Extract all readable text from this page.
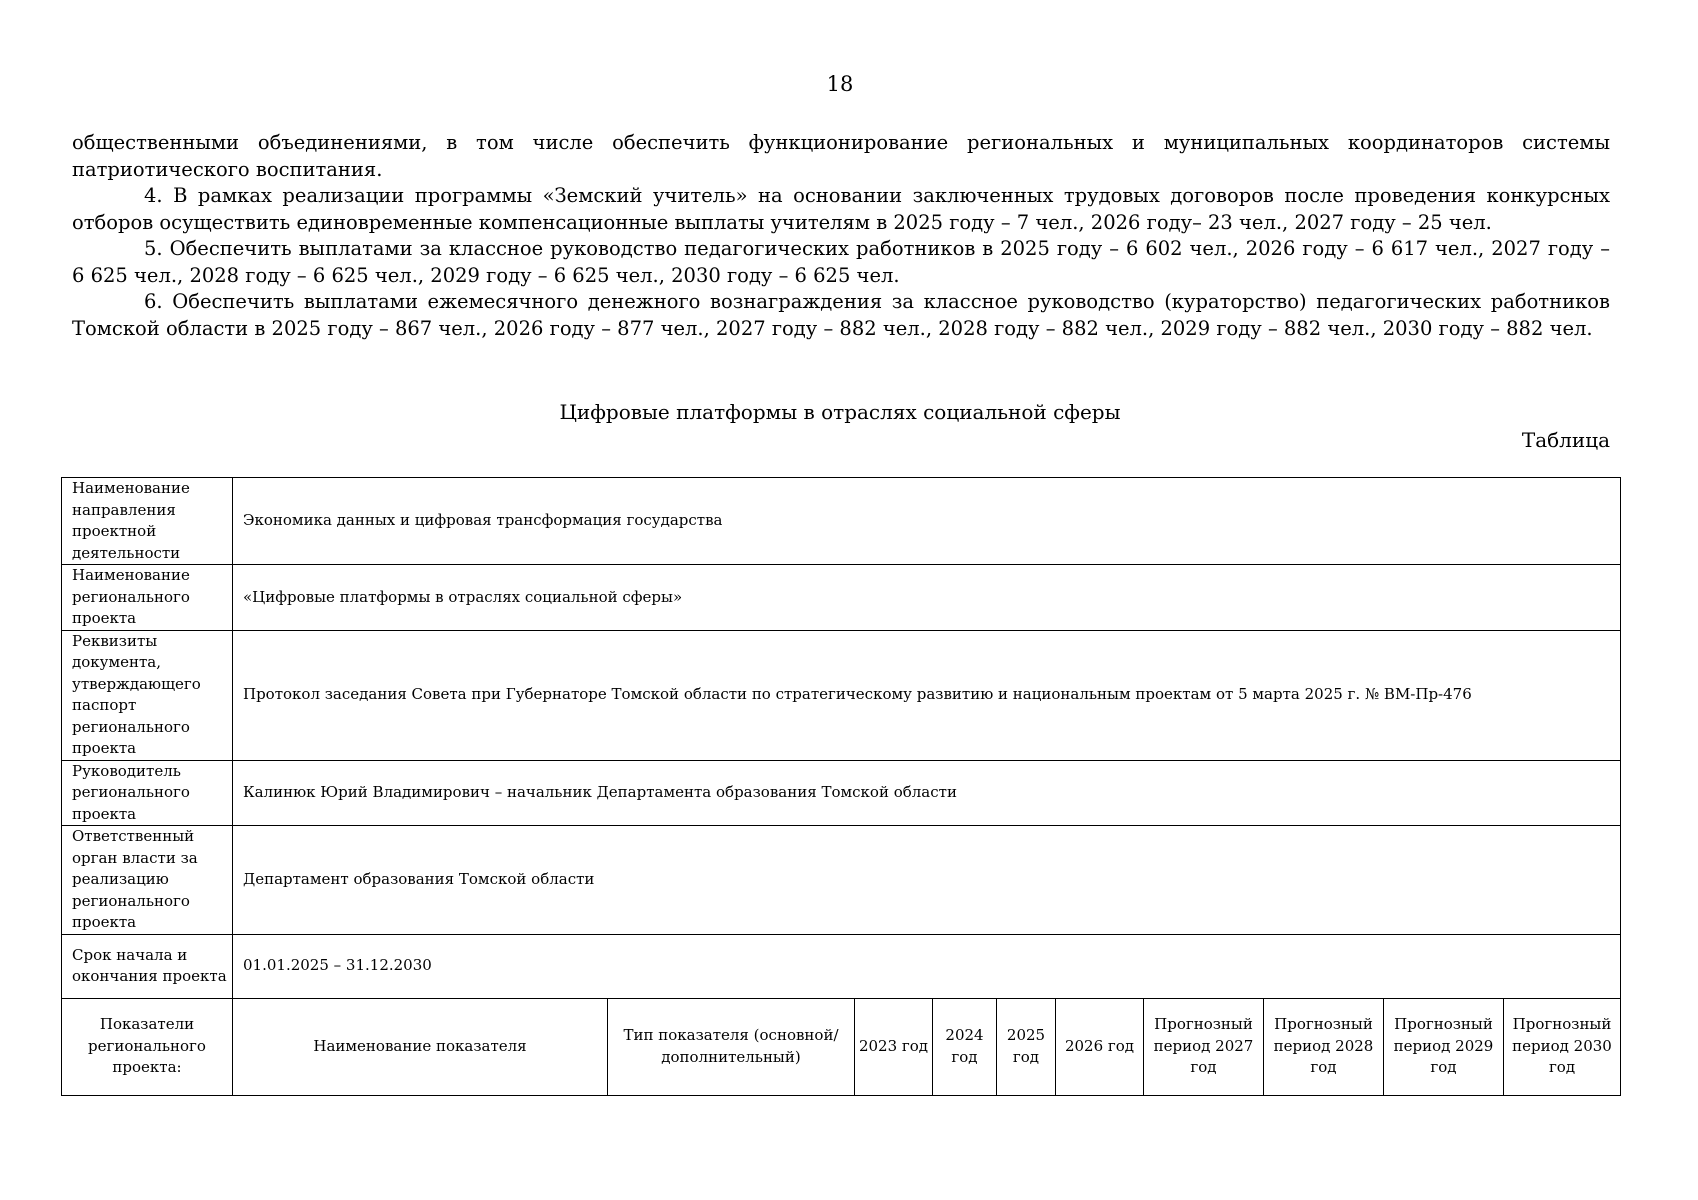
18

общественными объединениями, в том числе обеспечить функционирование региональных и муниципальных координаторов системы патриотического воспитания.

4. В рамках реализации программы «Земский учитель» на основании заключенных трудовых договоров после проведения конкурсных отборов осуществить единовременные компенсационные выплаты учителям в 2025 году – 7 чел., 2026 году– 23 чел., 2027 году – 25 чел.

5. Обеспечить выплатами за классное руководство педагогических работников в 2025 году – 6 602 чел., 2026 году – 6 617 чел., 2027 году – 6 625 чел., 2028 году – 6 625 чел., 2029 году – 6 625 чел., 2030 году – 6 625 чел.

6. Обеспечить выплатами ежемесячного денежного вознаграждения за классное руководство (кураторство) педагогических работников Томской области в 2025 году – 867 чел., 2026 году – 877 чел., 2027 году – 882 чел., 2028 году – 882 чел., 2029 году – 882 чел., 2030 году – 882 чел.

Цифровые платформы в отраслях социальной сферы
Таблица
Наименование направления проектной деятельности	Экономика данных и цифровая трансформация государства									
Наименование регионального проекта	«Цифровые платформы в отраслях социальной сферы»									
Реквизиты документа, утверждающего паспорт регионального проекта	Протокол заседания Совета при Губернаторе Томской области по стратегическому развитию и национальным проектам от 5 марта 2025 г. № ВМ-Пр-476									
Руководитель регионального проекта	Калинюк Юрий Владимирович – начальник Департамента образования Томской области									
Ответственный орган власти за реализацию регионального проекта	Департамент образования Томской области									
Срок начала и окончания проекта	01.01.2025 – 31.12.2030									
Показатели регионального проекта:	Наименование показателя	Тип показателя (основной/дополнительный)	2023 год	2024 год	2025 год	2026 год	Прогнозный период 2027 год	Прогнозный период 2028 год	Прогнозный период 2029 год	Прогнозный период 2030 год
